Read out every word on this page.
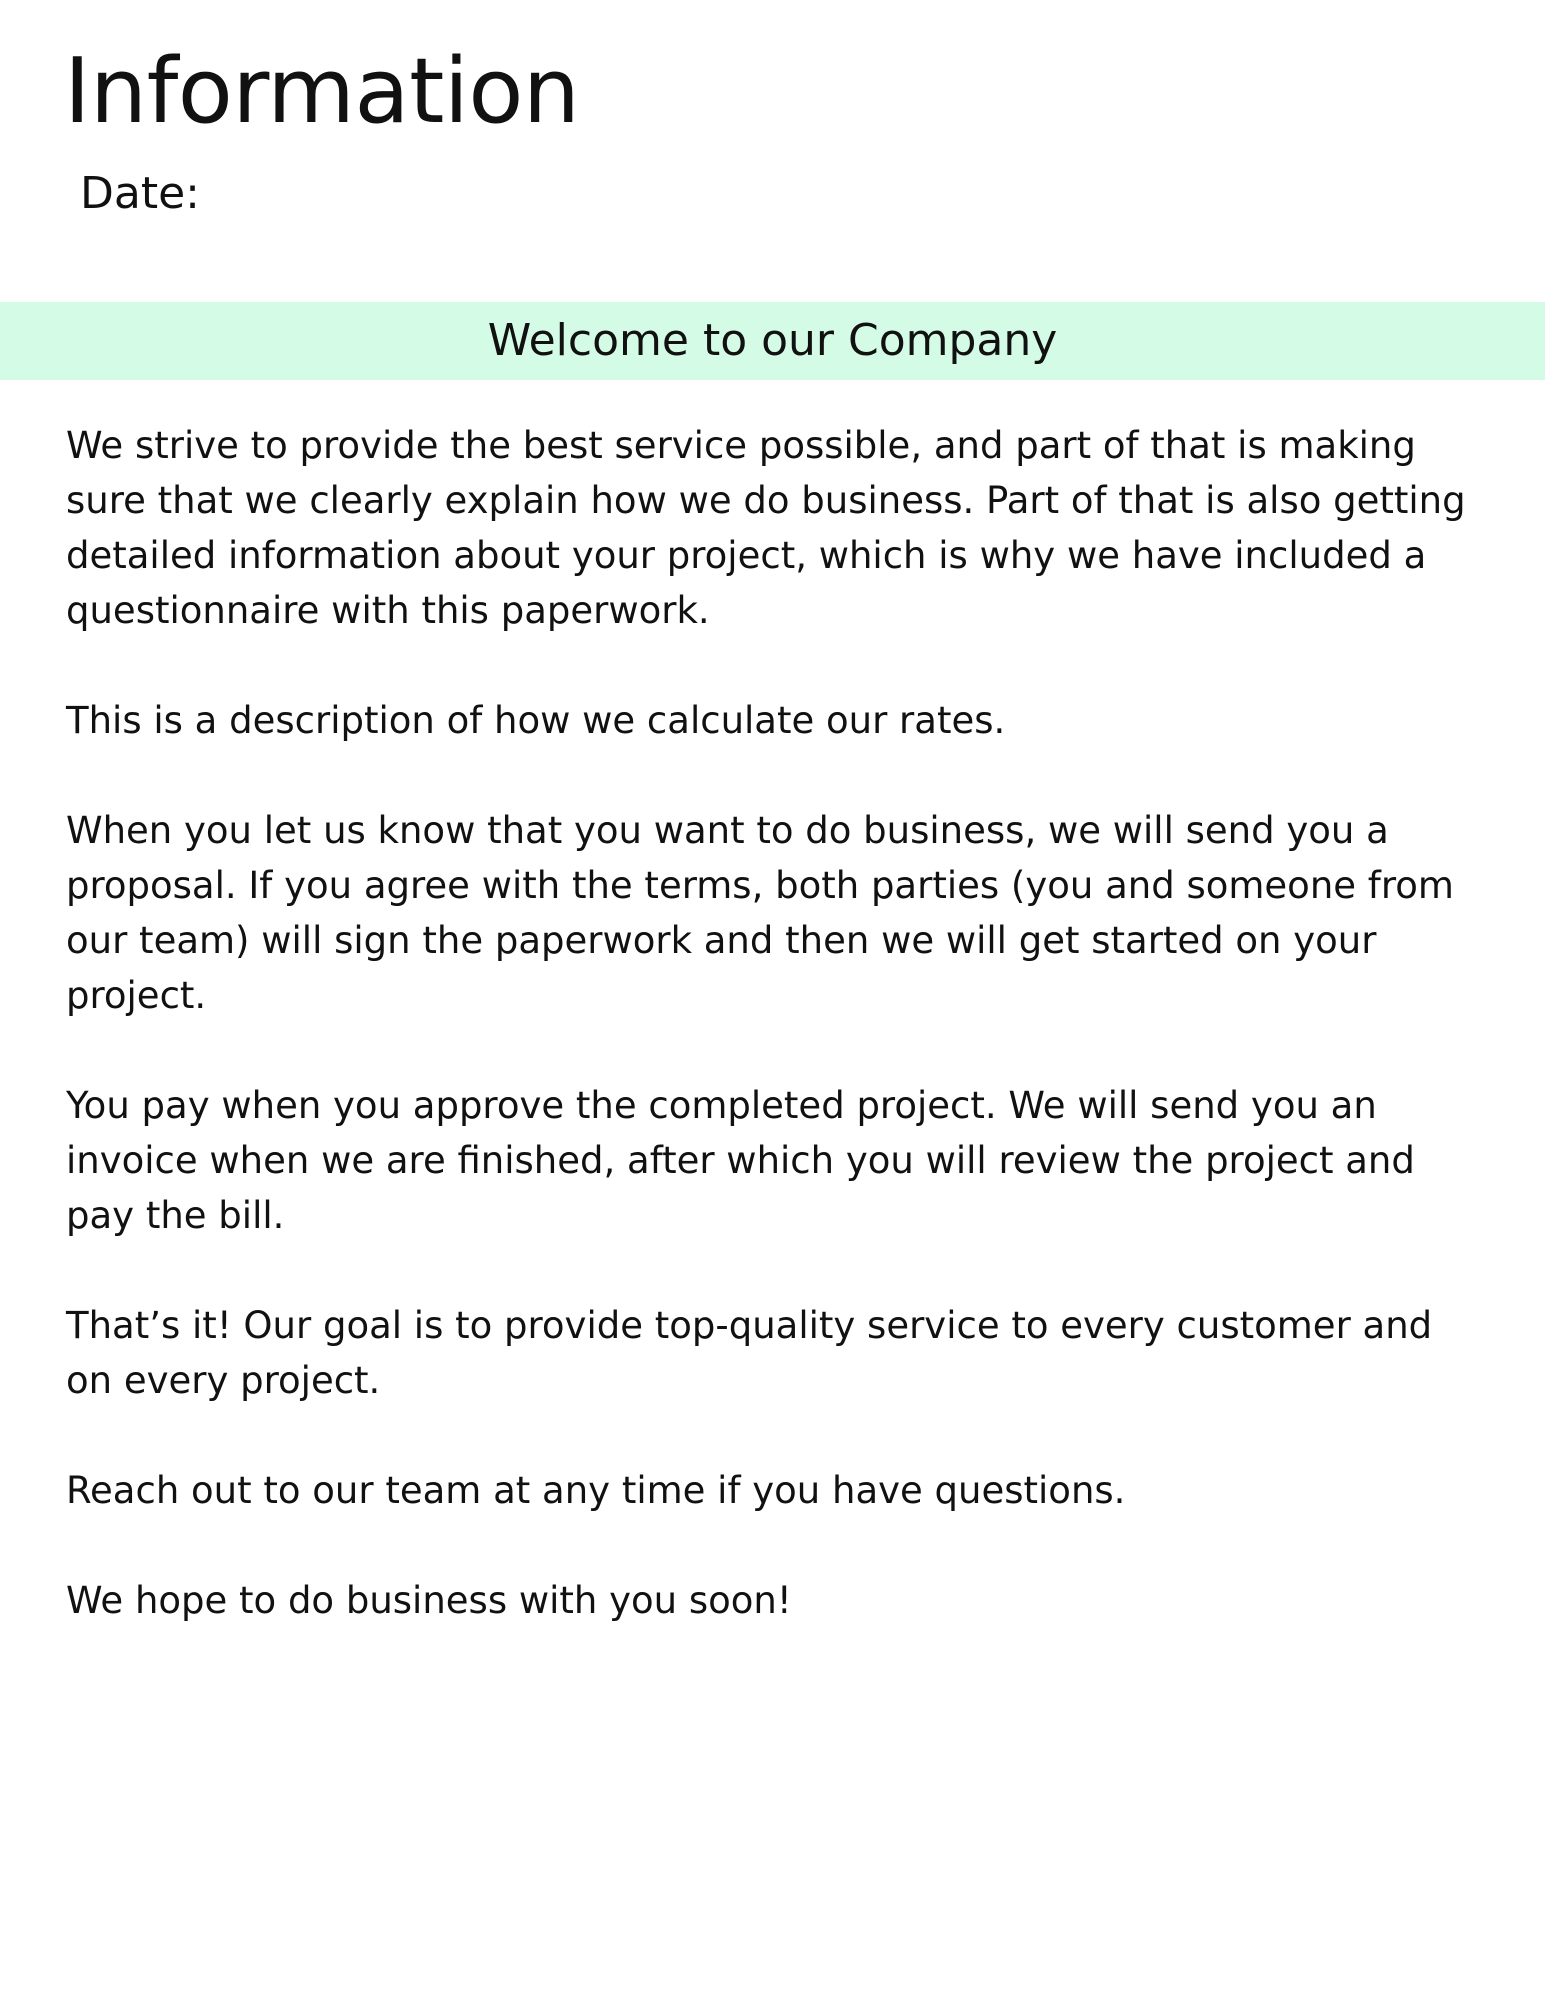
Information
Date:
Welcome to our Company

We strive to provide the best service possible, and part of that is making sure that we clearly explain how we do business. Part of that is also getting detailed information about your project, which is why we have included a questionnaire with this paperwork.

This is a description of how we calculate our rates.

When you let us know that you want to do business, we will send you a proposal. If you agree with the terms, both parties (you and someone from our team) will sign the paperwork and then we will get started on your project.

You pay when you approve the completed project. We will send you an invoice when we are finished, after which you will review the project and pay the bill.

That’s it! Our goal is to provide top-quality service to every customer and on every project.

Reach out to our team at any time if you have questions.

We hope to do business with you soon!
